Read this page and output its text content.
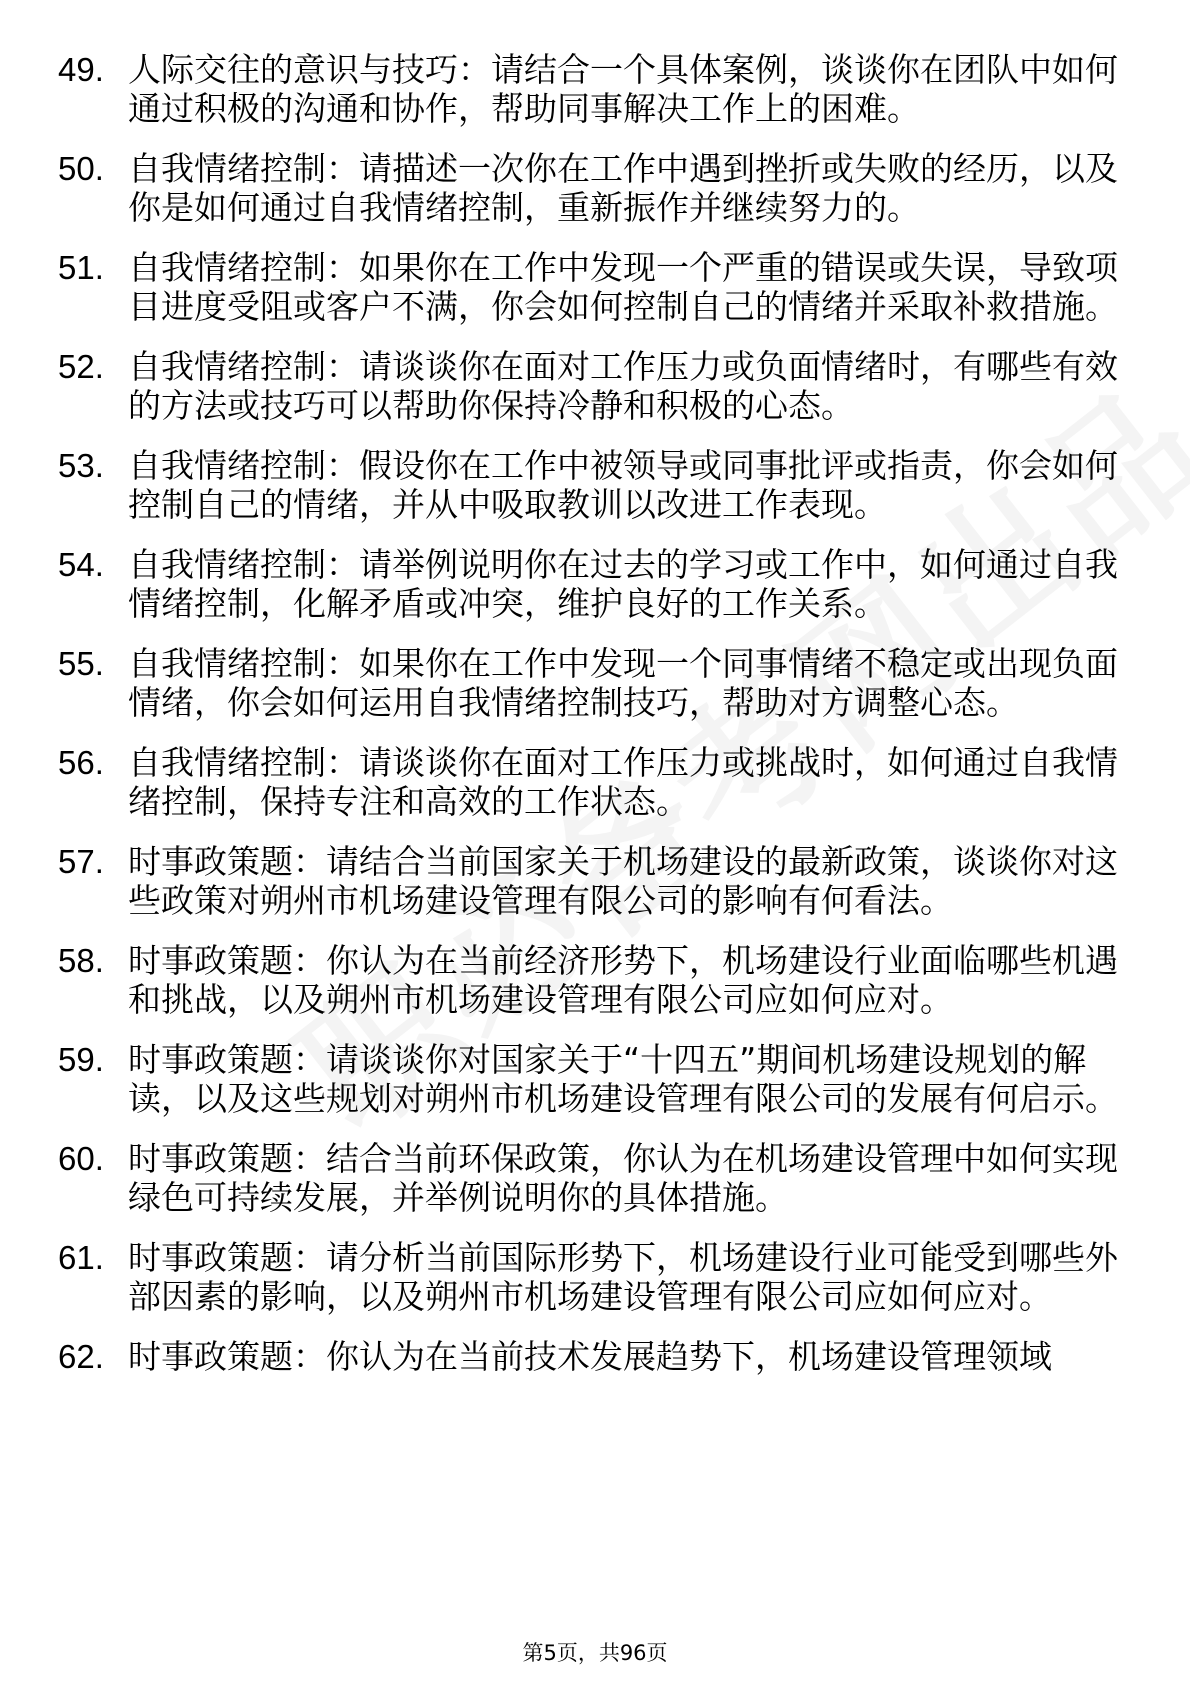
49. 人际交往的意识与技巧：请结合一个具体案例，谈谈你在团队中如何通过积极的沟通和协作，帮助同事解决工作上的困难。
50. 自我情绪控制：请描述一次你在工作中遇到挫折或失败的经历，以及你是如何通过自我情绪控制，重新振作并继续努力的。
51. 自我情绪控制：如果你在工作中发现一个严重的错误或失误，导致项目进度受阻或客户不满，你会如何控制自己的情绪并采取补救措施。
52. 自我情绪控制：请谈谈你在面对工作压力或负面情绪时，有哪些有效的方法或技巧可以帮助你保持冷静和积极的心态。
53. 自我情绪控制：假设你在工作中被领导或同事批评或指责，你会如何控制自己的情绪，并从中吸取教训以改进工作表现。
54. 自我情绪控制：请举例说明你在过去的学习或工作中，如何通过自我情绪控制，化解矛盾或冲突，维护良好的工作关系。
55. 自我情绪控制：如果你在工作中发现一个同事情绪不稳定或出现负面情绪，你会如何运用自我情绪控制技巧，帮助对方调整心态。
56. 自我情绪控制：请谈谈你在面对工作压力或挑战时，如何通过自我情绪控制，保持专注和高效的工作状态。
57. 时事政策题：请结合当前国家关于机场建设的最新政策，谈谈你对这些政策对朔州市机场建设管理有限公司的影响有何看法。
58. 时事政策题：你认为在当前经济形势下，机场建设行业面临哪些机遇和挑战，以及朔州市机场建设管理有限公司应如何应对。
59. 时事政策题：请谈谈你对国家关于“十四五”期间机场建设规划的解读，以及这些规划对朔州市机场建设管理有限公司的发展有何启示。
60. 时事政策题：结合当前环保政策，你认为在机场建设管理中如何实现绿色可持续发展，并举例说明你的具体措施。
61. 时事政策题：请分析当前国际形势下，机场建设行业可能受到哪些外部因素的影响，以及朔州市机场建设管理有限公司应如何应对。
62. 时事政策题：你认为在当前技术发展趋势下，机场建设管理领域
第5页，共96页
